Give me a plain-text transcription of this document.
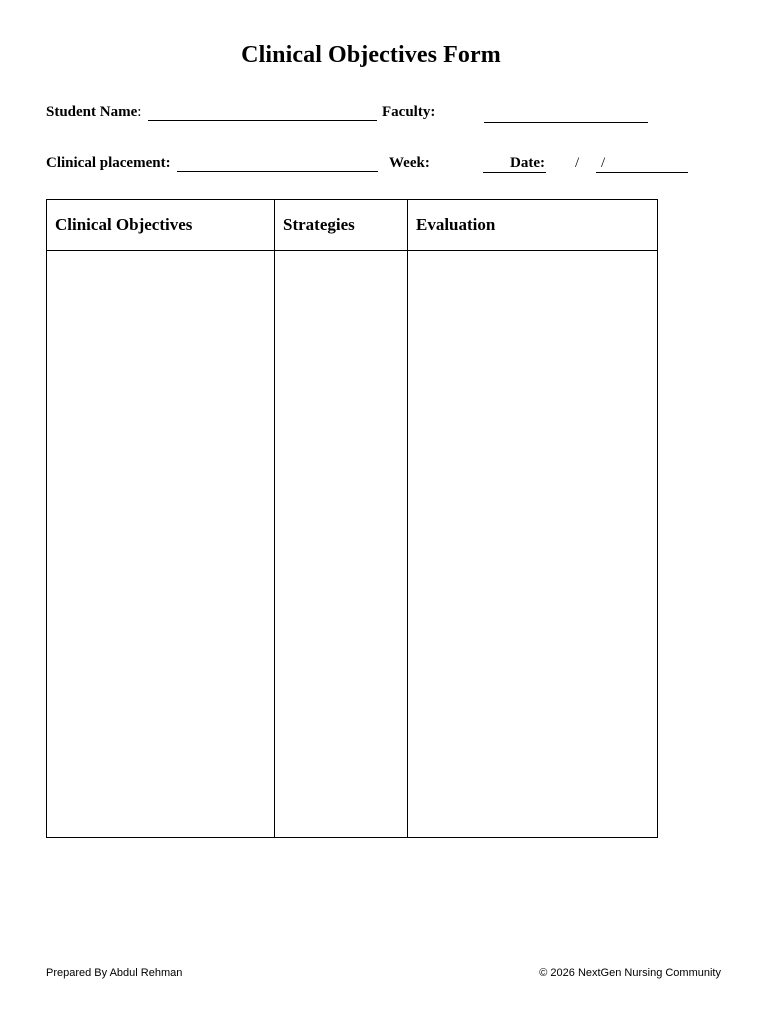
Clinical Objectives Form
Student Name:	Faculty:
Clinical placement:	Week:	Date: / /
Clinical Objectives	Strategies	Evaluation

Prepared By Abdul Rehman	© 2026 NextGen Nursing Community
